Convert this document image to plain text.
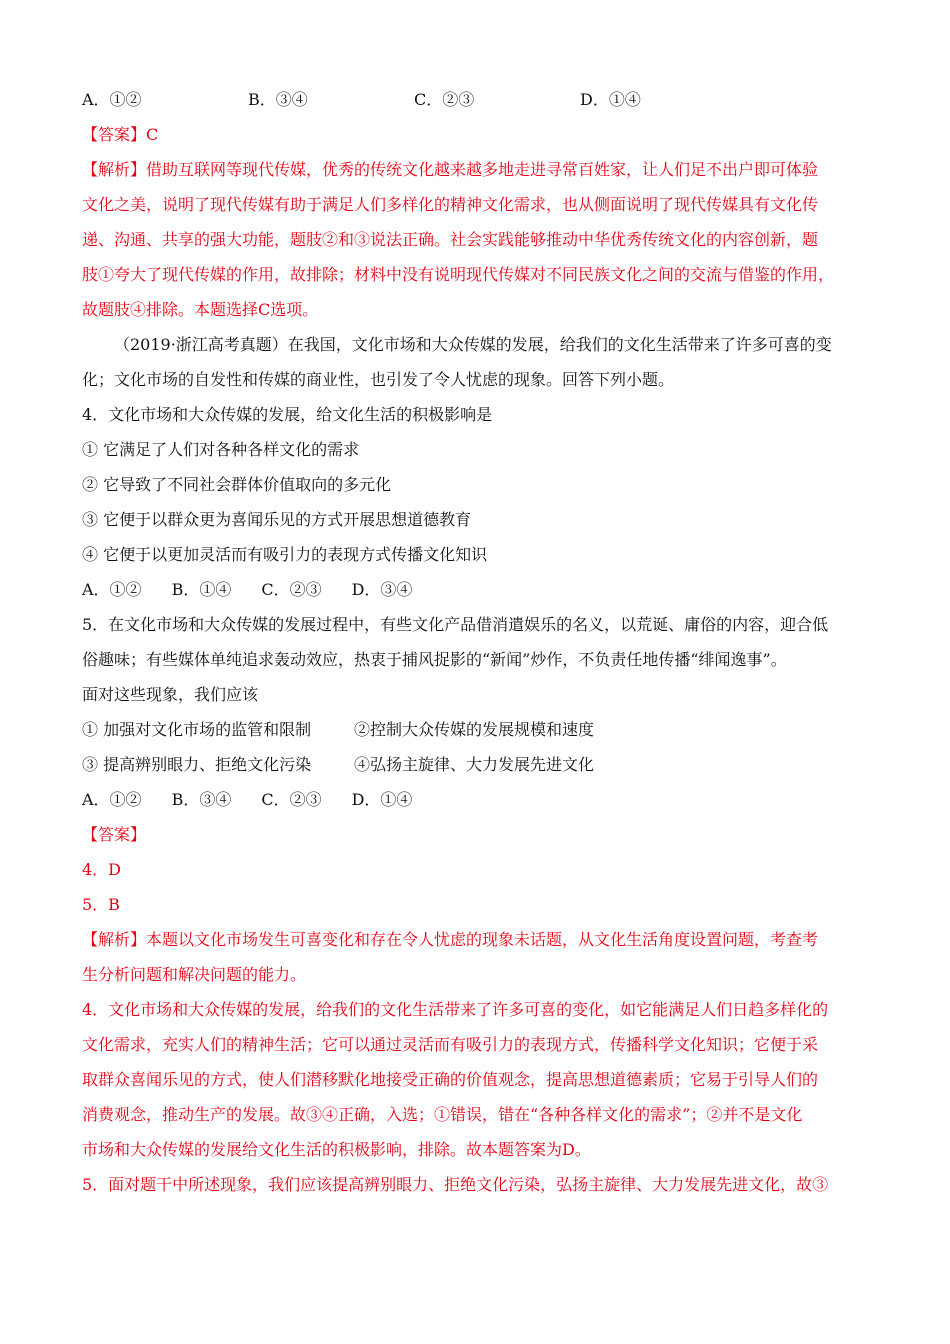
A．①②	B．③④	C．②③	D．①④
【答案】C
【解析】借助互联网等现代传媒，优秀的传统文化越来越多地走进寻常百姓家，让人们足不出户即可体验
文化之美，说明了现代传媒有助于满足人们多样化的精神文化需求，也从侧面说明了现代传媒具有文化传
递、沟通、共享的强大功能，题肢②和③说法正确。社会实践能够推动中华优秀传统文化的内容创新，题
肢①夸大了现代传媒的作用，故排除；材料中没有说明现代传媒对不同民族文化之间的交流与借鉴的作用，
故题肢④排除。本题选择C选项。
（2019·浙江高考真题）在我国，文化市场和大众传媒的发展，给我们的文化生活带来了许多可喜的变
化；文化市场的自发性和传媒的商业性，也引发了令人忧虑的现象。回答下列小题。
4．文化市场和大众传媒的发展，给文化生活的积极影响是
① 它满足了人们对各种各样文化的需求
② 它导致了不同社会群体价值取向的多元化
③ 它便于以群众更为喜闻乐见的方式开展思想道德教育
④ 它便于以更加灵活而有吸引力的表现方式传播文化知识
A．①② B．①④ C．②③ D．③④
5．在文化市场和大众传媒的发展过程中，有些文化产品借消遣娱乐的名义，以荒诞、庸俗的内容，迎合低
俗趣味；有些媒体单纯追求轰动效应，热衷于捕风捉影的“新闻”炒作，不负责任地传播“绯闻逸事”。
面对这些现象，我们应该
① 加强对文化市场的监管和限制	②控制大众传媒的发展规模和速度
③ 提高辨别眼力、拒绝文化污染	④弘扬主旋律、大力发展先进文化
A．①② B．③④ C．②③ D．①④
【答案】
4．D
5．B
【解析】本题以文化市场发生可喜变化和存在令人忧虑的现象未话题，从文化生活角度设置问题，考查考
生分析问题和解决问题的能力。
4．文化市场和大众传媒的发展，给我们的文化生活带来了许多可喜的变化，如它能满足人们日趋多样化的
文化需求，充实人们的精神生活；它可以通过灵活而有吸引力的表现方式，传播科学文化知识；它便于采
取群众喜闻乐见的方式，使人们潜移默化地接受正确的价值观念，提高思想道德素质；它易于引导人们的
消费观念，推动生产的发展。故③④正确，入选；①错误，错在“各种各样文化的需求”；②并不是文化
市场和大众传媒的发展给文化生活的积极影响，排除。故本题答案为D。
5．面对题干中所述现象，我们应该提高辨别眼力、拒绝文化污染，弘扬主旋律、大力发展先进文化，故③
